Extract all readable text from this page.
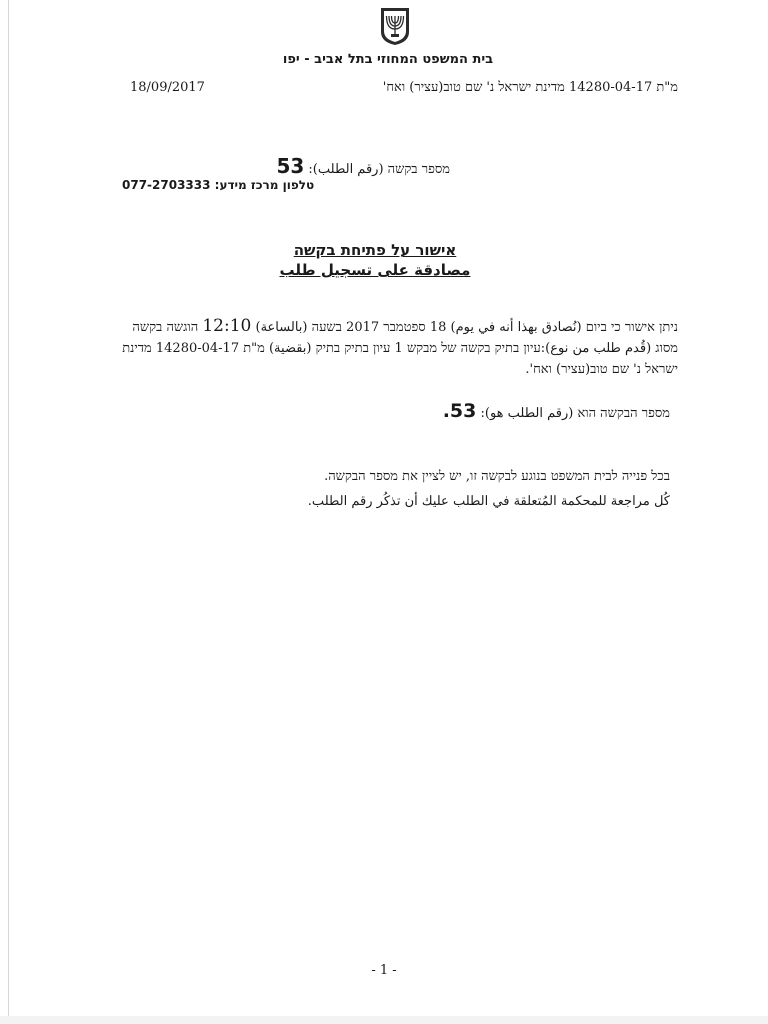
בית המשפט המחוזי בתל אביב - יפו
18/09/2017	מ"ת 14280-04-17 מדינת ישראל נ' שם טוב(עציר) ואח'
מספר בקשה (رقم الطلب): 53
טלפון מרכז מידע: 077-2703333
אישור על פתיחת בקשה
مصادقة على تسجيل طلب
ניתן אישור כי ביום (نُصادق بهذا أنه في يوم) 18 ספטמבר 2017 בשעה (بالساعة) 12:10 הוגשה בקשה מסוג (قُدم طلب من نوع):עיון בתיק בקשה של מבקש 1 עיון בתיק בתיק (بقضية) מ"ת 14280-04-17 מדינת ישראל נ' שם טוב(עציר) ואח'.
מספר הבקשה הוא (رقم الطلب هو): 53.
בכל פנייה לבית המשפט בנוגע לבקשה זו, יש לציין את מספר הבקשה.
كُل مراجعة للمحكمة المُتعلقة في الطلب عليك أن تذكُر رقم الطلب.
- 1 -
